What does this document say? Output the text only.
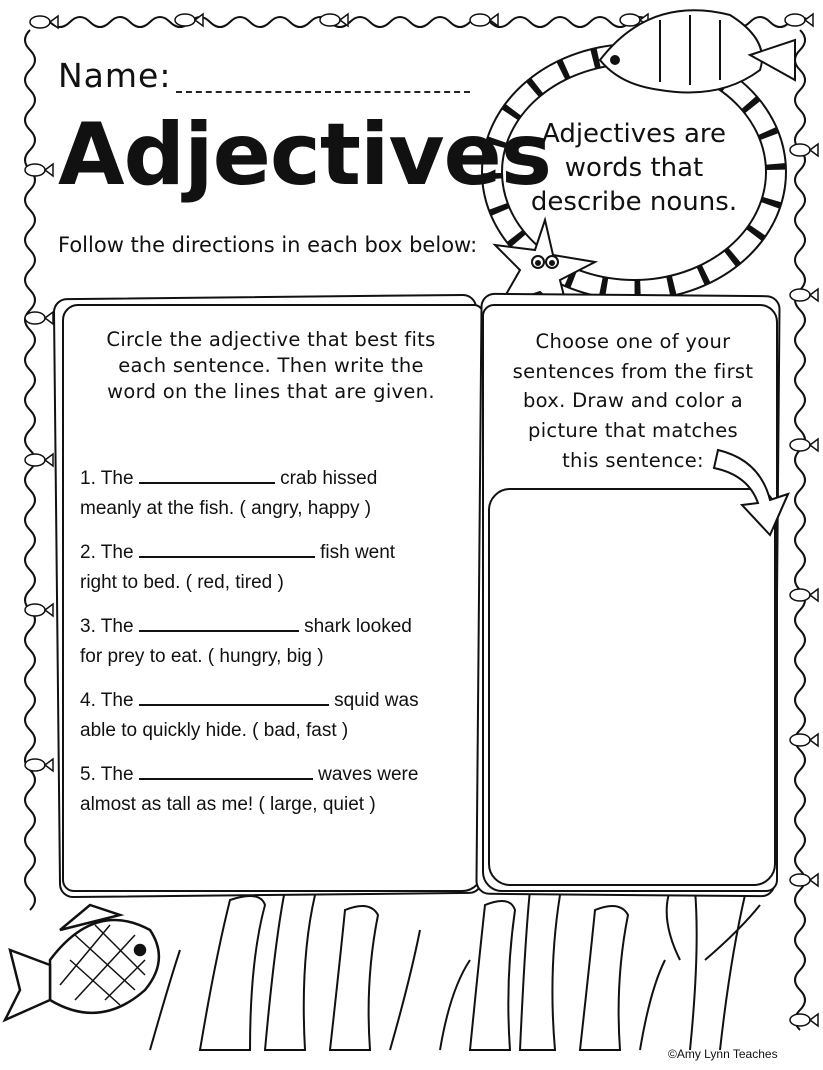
Name:
Adjectives
Follow the directions in each box below:
Adjectives are
words that
describe nouns.
Circle the adjective that best fits
each sentence. Then write the
word on the lines that are given.
1. The	crab hissed
meanly at the fish. ( angry, happy )
2. The	fish went
right to bed. ( red, tired )
3. The	shark looked
for prey to eat. ( hungry, big )
4. The	squid was
able to quickly hide. ( bad, fast )
5. The	waves were
almost as tall as me! ( large, quiet )
Choose one of your
sentences from the first
box. Draw and color a
picture that matches
this sentence:
©Amy Lynn Teaches
